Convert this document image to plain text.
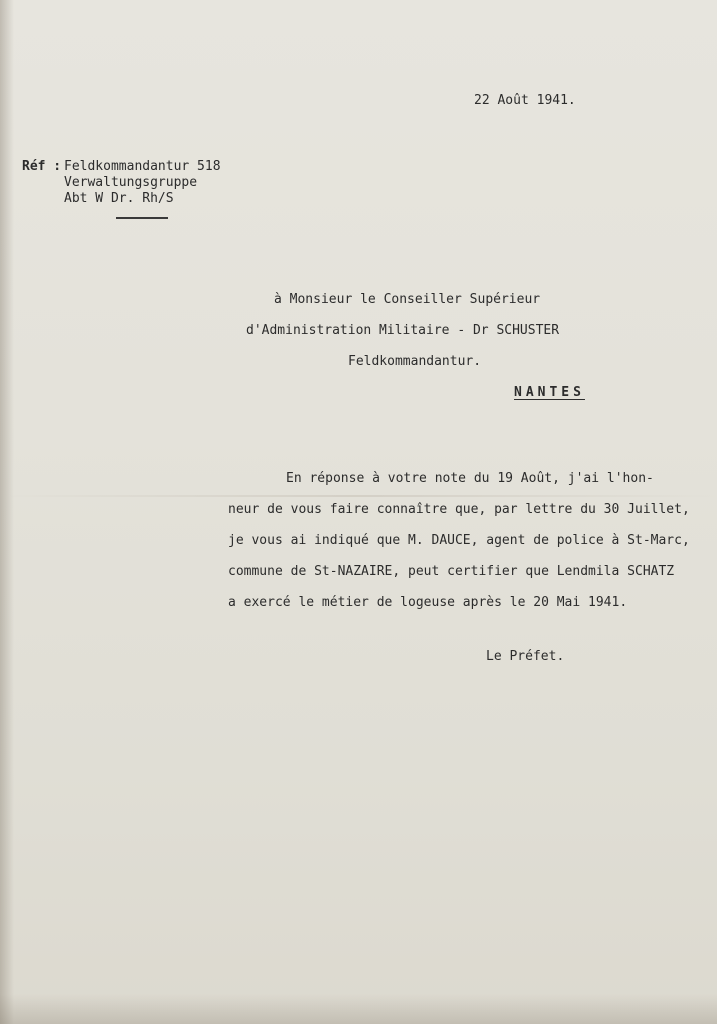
22 Août 1941.
Réf : Feldkommandantur 518
Verwaltungsgruppe
Abt W Dr. Rh/S
à Monsieur le Conseiller Supérieur
d'Administration Militaire - Dr SCHUSTER
Feldkommandantur.
NANTES
En réponse à votre note du 19 Août, j'ai l'hon-
neur de vous faire connaître que, par lettre du 30 Juillet,
je vous ai indiqué que M. DAUCE, agent de police à St-Marc,
commune de St-NAZAIRE, peut certifier que Lendmila SCHATZ
a exercé le métier de logeuse après le 20 Mai 1941.
Le Préfet.
